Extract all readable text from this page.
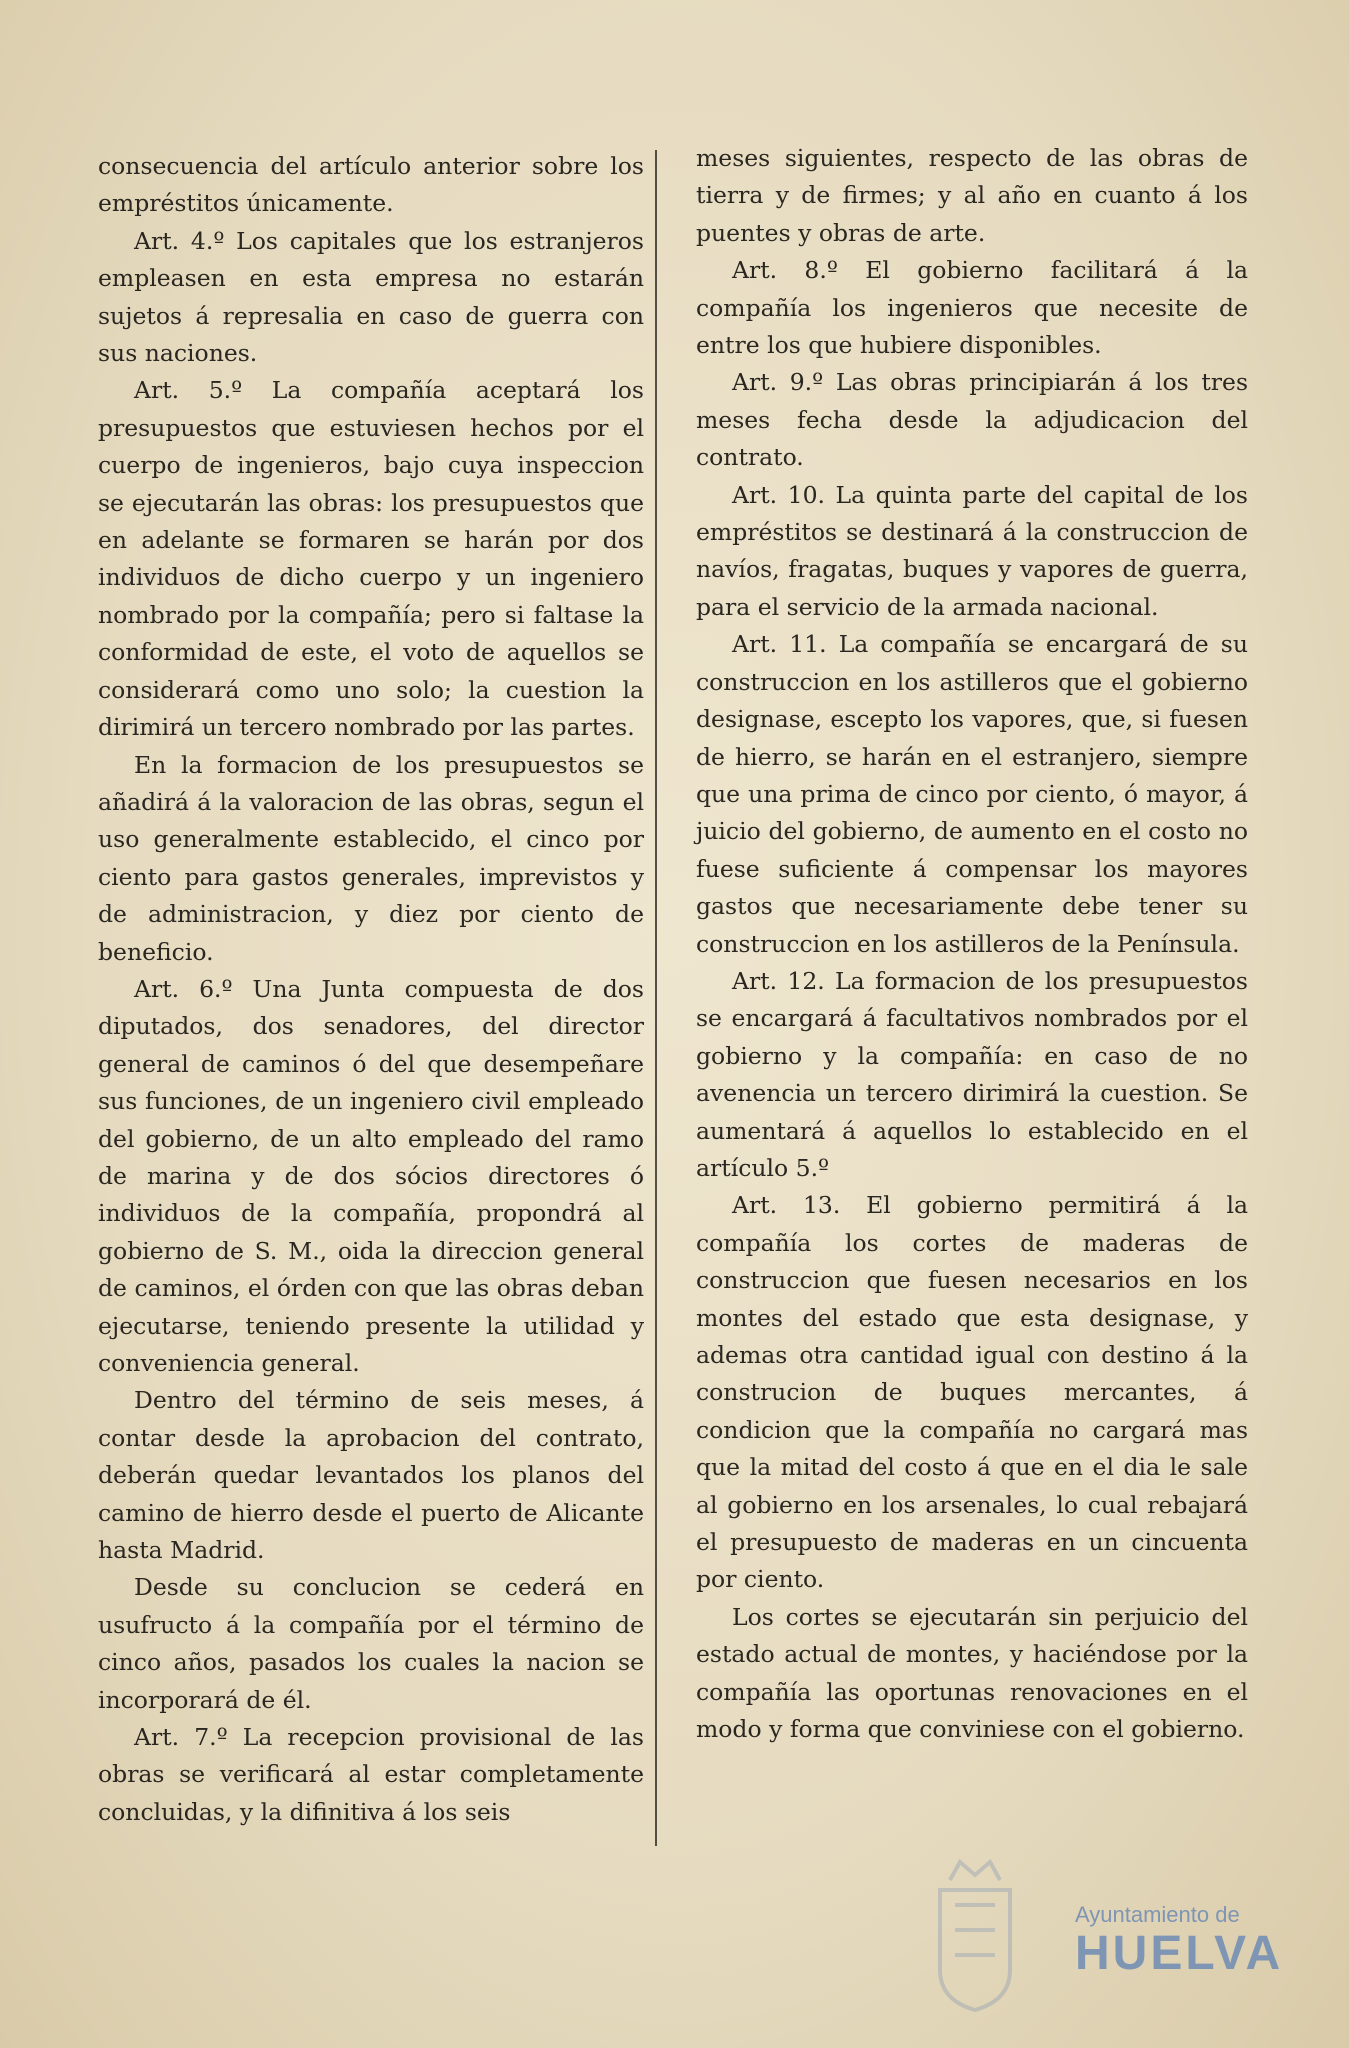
consecuencia del artículo anterior sobre los empréstitos únicamente.

Art. 4.º Los capitales que los estranjeros empleasen en esta empresa no estarán sujetos á represalia en caso de guerra con sus naciones.

Art. 5.º La compañía aceptará los presupuestos que estuviesen hechos por el cuerpo de ingenieros, bajo cuya inspeccion se ejecutarán las obras: los presupuestos que en adelante se formaren se harán por dos individuos de dicho cuerpo y un ingeniero nombrado por la compañía; pero si faltase la conformidad de este, el voto de aquellos se considerará como uno solo; la cuestion la dirimirá un tercero nombrado por las partes.

En la formacion de los presupuestos se añadirá á la valoracion de las obras, segun el uso generalmente establecido, el cinco por ciento para gastos generales, imprevistos y de administracion, y diez por ciento de beneficio.

Art. 6.º Una Junta compuesta de dos diputados, dos senadores, del director general de caminos ó del que desempeñare sus funciones, de un ingeniero civil empleado del gobierno, de un alto empleado del ramo de marina y de dos sócios directores ó individuos de la compañía, propondrá al gobierno de S. M., oida la direccion general de caminos, el órden con que las obras deban ejecutarse, teniendo presente la utilidad y conveniencia general.

Dentro del término de seis meses, á contar desde la aprobacion del contrato, deberán quedar levantados los planos del camino de hierro desde el puerto de Alicante hasta Madrid.

Desde su conclucion se cederá en usufructo á la compañía por el término de cinco años, pasados los cuales la nacion se incorporará de él.

Art. 7.º La recepcion provisional de las obras se verificará al estar completamente concluidas, y la difinitiva á los seis

meses siguientes, respecto de las obras de tierra y de firmes; y al año en cuanto á los puentes y obras de arte.

Art. 8.º El gobierno facilitará á la compañía los ingenieros que necesite de entre los que hubiere disponibles.

Art. 9.º Las obras principiarán á los tres meses fecha desde la adjudicacion del contrato.

Art. 10. La quinta parte del capital de los empréstitos se destinará á la construccion de navíos, fragatas, buques y vapores de guerra, para el servicio de la armada nacional.

Art. 11. La compañía se encargará de su construccion en los astilleros que el gobierno designase, escepto los vapores, que, si fuesen de hierro, se harán en el estranjero, siempre que una prima de cinco por ciento, ó mayor, á juicio del gobierno, de aumento en el costo no fuese suficiente á compensar los mayores gastos que necesariamente debe tener su construccion en los astilleros de la Península.

Art. 12. La formacion de los presupuestos se encargará á facultativos nombrados por el gobierno y la compañía: en caso de no avenencia un tercero dirimirá la cuestion. Se aumentará á aquellos lo establecido en el artículo 5.º

Art. 13. El gobierno permitirá á la compañía los cortes de maderas de construccion que fuesen necesarios en los montes del estado que esta designase, y ademas otra cantidad igual con destino á la construcion de buques mercantes, á condicion que la compañía no cargará mas que la mitad del costo á que en el dia le sale al gobierno en los arsenales, lo cual rebajará el presupuesto de maderas en un cincuenta por ciento.

Los cortes se ejecutarán sin perjuicio del estado actual de montes, y haciéndose por la compañía las oportunas renovaciones en el modo y forma que conviniese con el gobierno.

Ayuntamiento de
HUELVA
